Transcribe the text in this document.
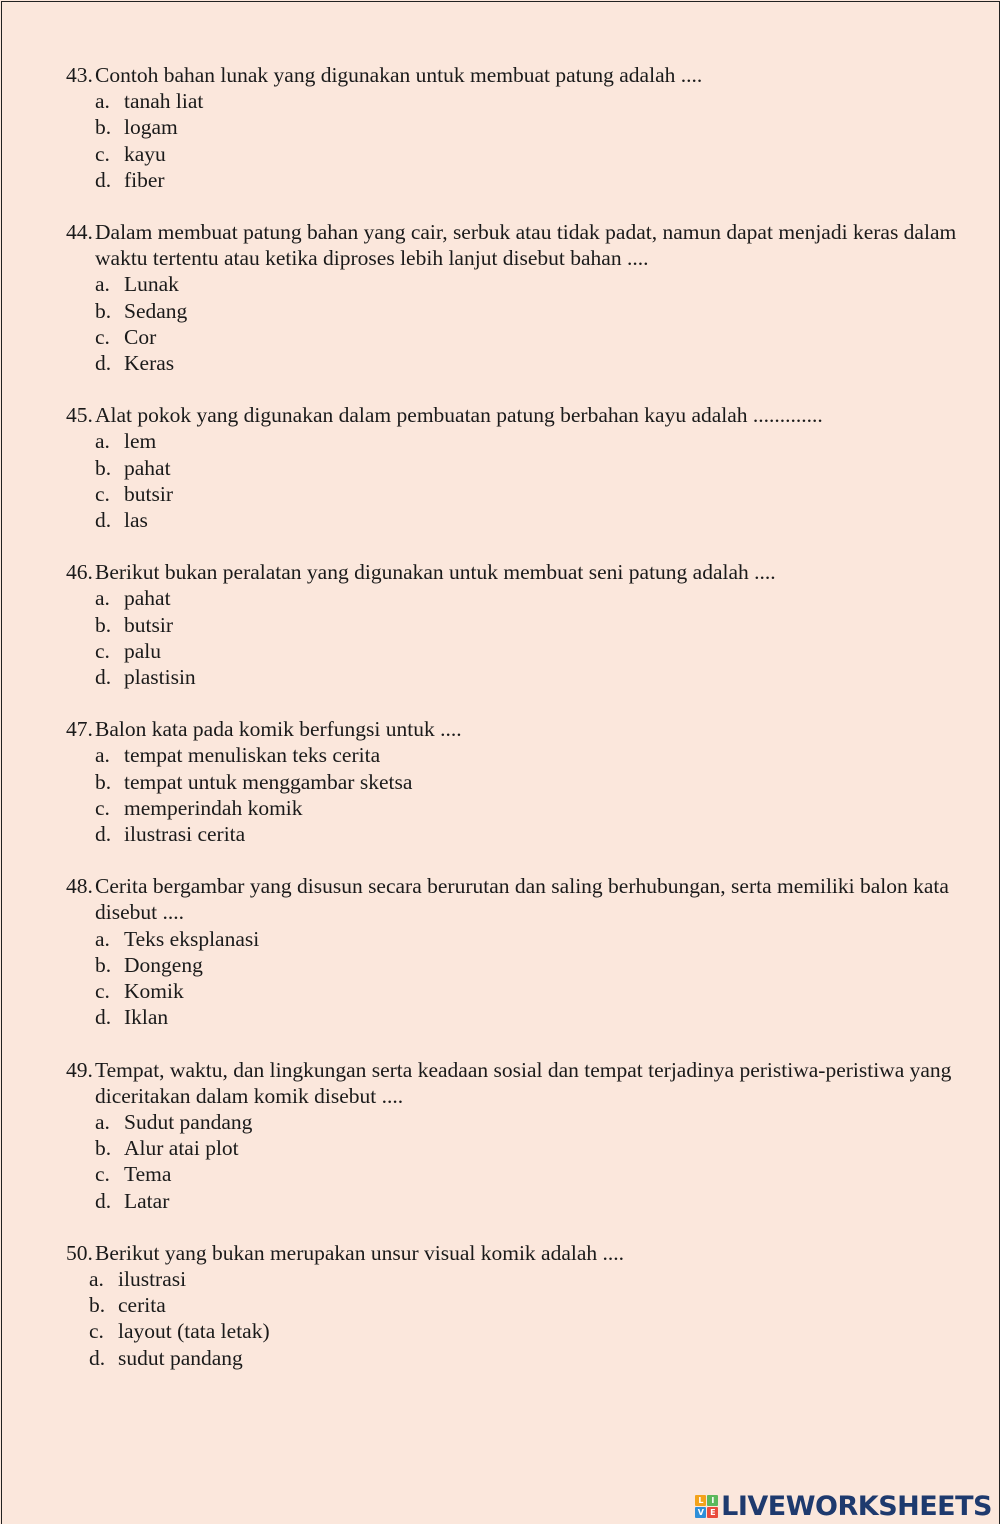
43. Contoh bahan lunak yang digunakan untuk membuat patung adalah ....
a. tanah liat
b. logam
c. kayu
d. fiber
44. Dalam membuat patung bahan yang cair, serbuk atau tidak padat, namun dapat menjadi keras dalam waktu tertentu atau ketika diproses lebih lanjut disebut bahan ....
a. Lunak
b. Sedang
c. Cor
d. Keras
45. Alat pokok yang digunakan dalam pembuatan patung berbahan kayu adalah .............
a. lem
b. pahat
c. butsir
d. las
46. Berikut bukan peralatan yang digunakan untuk membuat seni patung adalah ....
a. pahat
b. butsir
c. palu
d. plastisin
47. Balon kata pada komik berfungsi untuk ....
a. tempat menuliskan teks cerita
b. tempat untuk menggambar sketsa
c. memperindah komik
d. ilustrasi cerita
48. Cerita bergambar yang disusun secara berurutan dan saling berhubungan, serta memiliki balon kata disebut ....
a. Teks eksplanasi
b. Dongeng
c. Komik
d. Iklan
49. Tempat, waktu, dan lingkungan serta keadaan sosial dan tempat terjadinya peristiwa-peristiwa yang diceritakan dalam komik disebut ....
a. Sudut pandang
b. Alur atai plot
c. Tema
d. Latar
50. Berikut yang bukan merupakan unsur visual komik adalah ....
a. ilustrasi
b. cerita
c. layout (tata letak)
d. sudut pandang
L	I
V E LIVEWORKSHEETS
